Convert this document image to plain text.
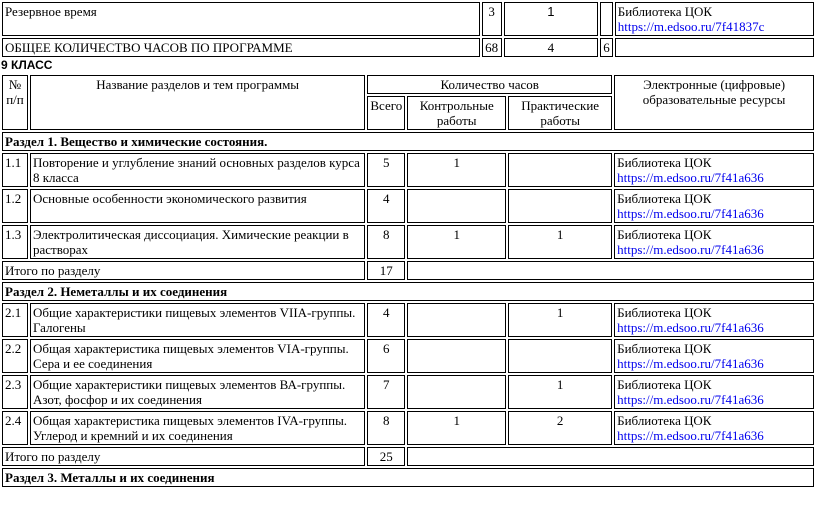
Резервное время	3	1		Библиотека ЦОК
https://m.edsoo.ru/7f41837c
ОБЩЕЕ КОЛИЧЕСТВО ЧАСОВ ПО ПРОГРАММЕ	68	4	6	
9 КЛАСС
№ п/п	Название разделов и тем программы	Количество часов			Электронные (цифровые) образовательные ресурсы
		Всего	Контрольные работы	Практические работы	
Раздел 1. Вещество и химические состояния.					
1.1	Повторение и углубление знаний основных разделов курса 8 класса	5	1		Библиотека ЦОК
https://m.edsoo.ru/7f41a636
1.2	Основные особенности экономического развития	4			Библиотека ЦОК
https://m.edsoo.ru/7f41a636
1.3	Электролитическая диссоциация. Химические реакции в растворах	8	1	1	Библиотека ЦОК
https://m.edsoo.ru/7f41a636
Итого по разделу		17			
Раздел 2. Неметаллы и их соединения					
2.1	Общие характеристики пищевых элементов VIIA-группы. Галогены	4		1	Библиотека ЦОК
https://m.edsoo.ru/7f41a636
2.2	Общая характеристика пищевых элементов VIA-группы. Сера и ее соединения	6			Библиотека ЦОК
https://m.edsoo.ru/7f41a636
2.3	Общие характеристики пищевых элементов ВА-группы. Азот, фосфор и их соединения	7		1	Библиотека ЦОК
https://m.edsoo.ru/7f41a636
2.4	Общая характеристика пищевых элементов IVA-группы. Углерод и кремний и их соединения	8	1	2	Библиотека ЦОК
https://m.edsoo.ru/7f41a636
Итого по разделу		25			
Раздел 3. Металлы и их соединения					
